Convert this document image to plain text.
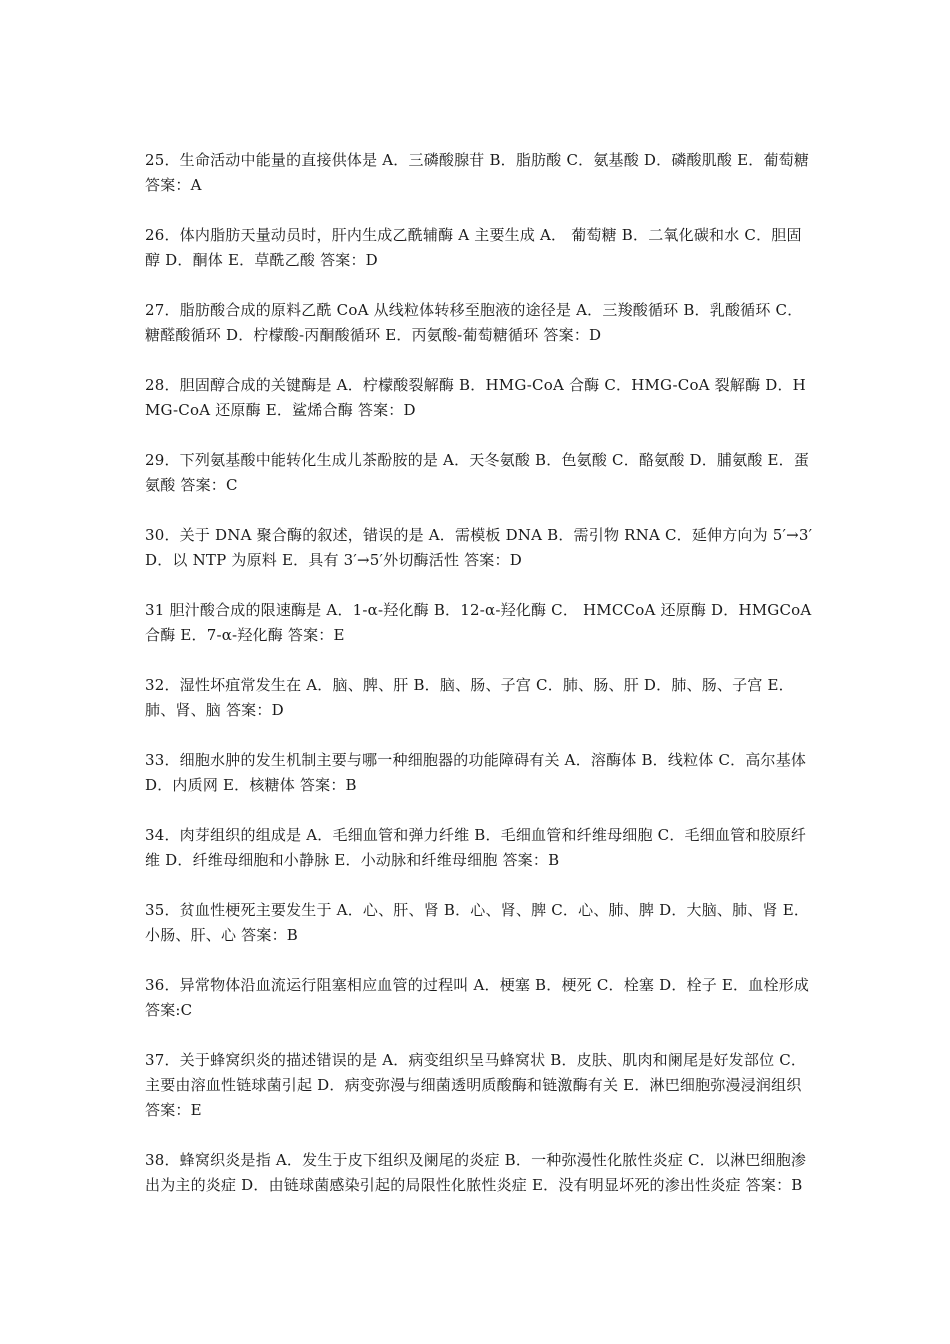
25．生命活动中能量的直接供体是 A．三磷酸腺苷 B．脂肪酸 C．氨基酸 D．磷酸肌酸 E．葡萄糖 答案：A

26．体内脂肪天量动员时，肝内生成乙酰辅酶 A 主要生成 A． 葡萄糖 B．二氧化碳和水 C．胆固醇 D．酮体 E．草酰乙酸 答案：D

27．脂肪酸合成的原料乙酰 CoA 从线粒体转移至胞液的途径是 A．三羧酸循环 B．乳酸循环 C．糖醛酸循环 D．柠檬酸-丙酮酸循环 E．丙氨酸-葡萄糖循环 答案：D

28．胆固醇合成的关键酶是 A．柠檬酸裂解酶 B．HMG-CoA 合酶 C．HMG-CoA 裂解酶 D．HMG-CoA 还原酶 E．鲨烯合酶 答案：D

29．下列氨基酸中能转化生成儿茶酚胺的是 A．天冬氨酸 B．色氨酸 C．酪氨酸 D．脯氨酸 E．蛋氨酸 答案：C

30．关于 DNA 聚合酶的叙述，错误的是 A．需模板 DNA B．需引物 RNA C．延伸方向为 5′→3′ D．以 NTP 为原料 E．具有 3′→5′外切酶活性 答案：D

31 胆汁酸合成的限速酶是 A．1-α-羟化酶 B．12-α-羟化酶 C． HMCCoA 还原酶 D．HMGCoA 合酶 E．7-α-羟化酶 答案：E

32．湿性坏疽常发生在 A．脑、脾、肝 B．脑、肠、子宫 C．肺、肠、肝 D．肺、肠、子宫 E．肺、肾、脑 答案：D

33．细胞水肿的发生机制主要与哪一种细胞器的功能障碍有关 A．溶酶体 B．线粒体 C．高尔基体 D．内质网 E．核糖体 答案：B

34．肉芽组织的组成是 A．毛细血管和弹力纤维 B．毛细血管和纤维母细胞 C．毛细血管和胶原纤维 D．纤维母细胞和小静脉 E．小动脉和纤维母细胞 答案：B

35．贫血性梗死主要发生于 A．心、肝、肾 B．心、肾、脾 C．心、肺、脾 D．大脑、肺、肾 E．小肠、肝、心 答案：B

36．异常物体沿血流运行阻塞相应血管的过程叫 A．梗塞 B．梗死 C．栓塞 D．栓子 E．血栓形成 答案:C

37．关于蜂窝织炎的描述错误的是 A．病变组织呈马蜂窝状 B．皮肤、肌肉和阑尾是好发部位 C．主要由溶血性链球菌引起 D．病变弥漫与细菌透明质酸酶和链激酶有关 E．淋巴细胞弥漫浸润组织 答案：E

38．蜂窝织炎是指 A．发生于皮下组织及阑尾的炎症 B．一种弥漫性化脓性炎症 C．以淋巴细胞渗出为主的炎症 D．由链球菌感染引起的局限性化脓性炎症 E．没有明显坏死的渗出性炎症 答案：B
